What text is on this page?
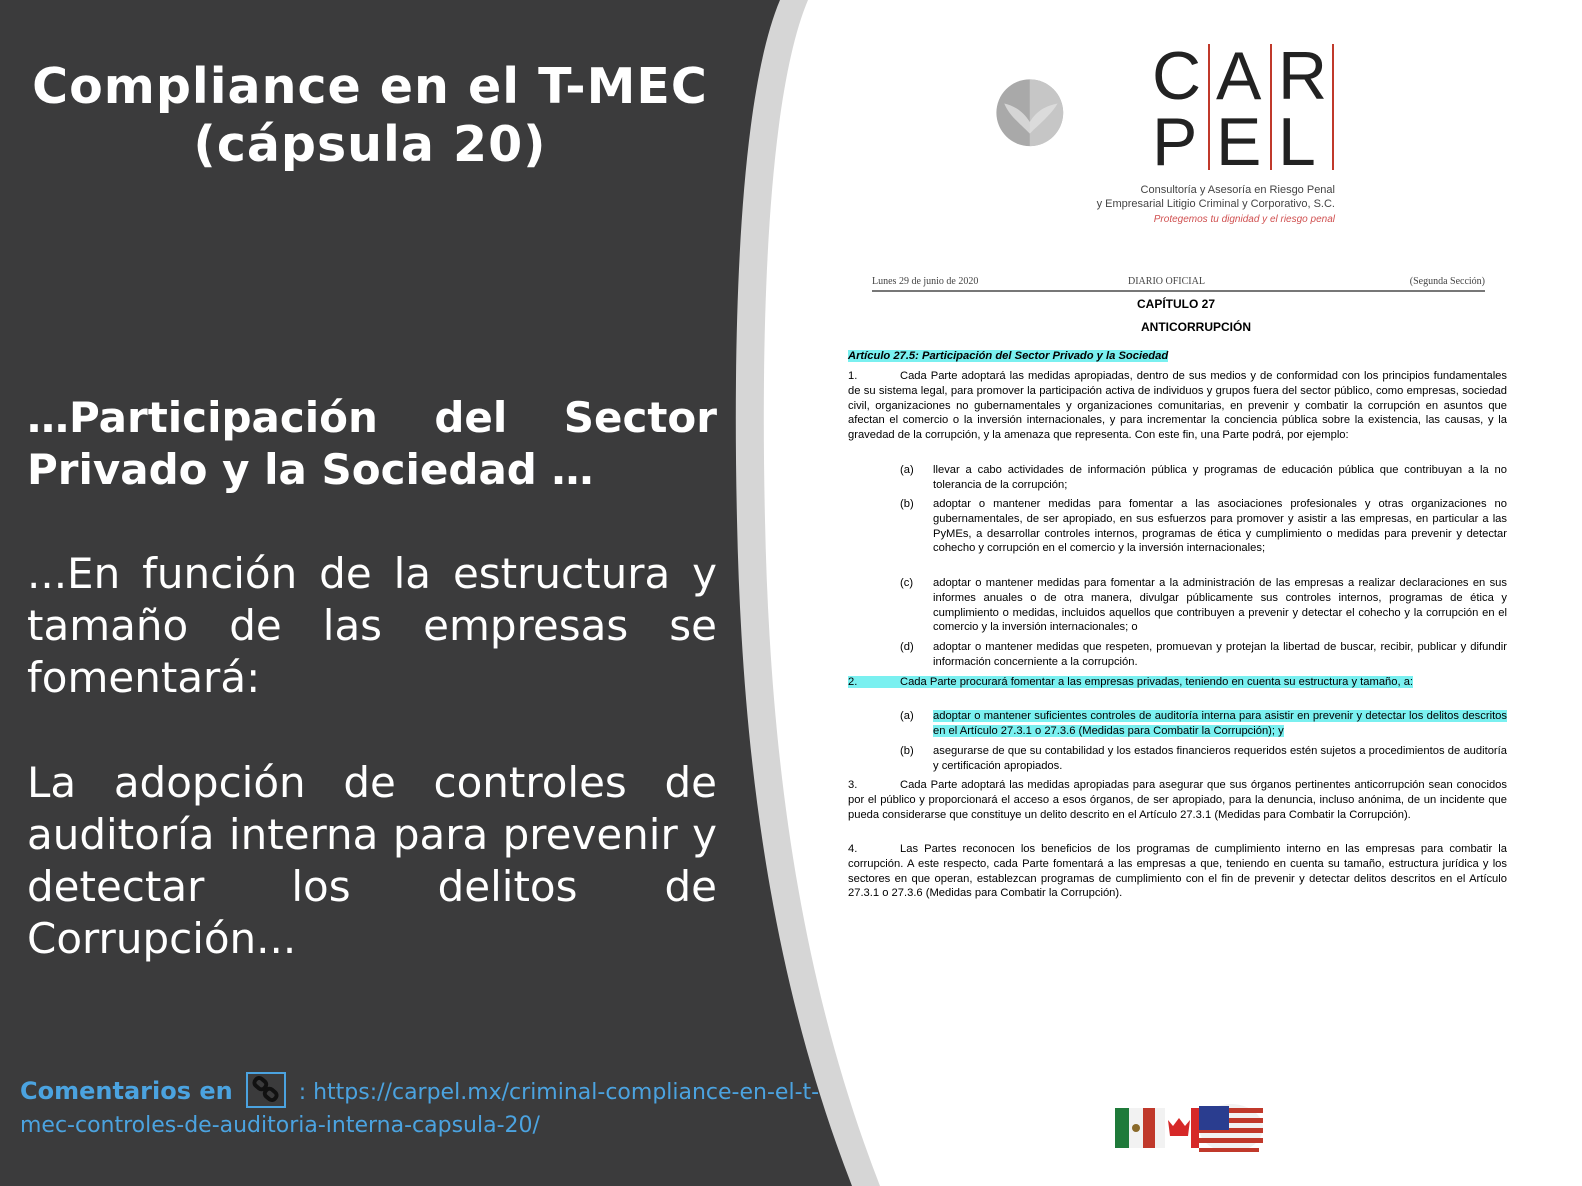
Compliance en el T-MEC
(cápsula 20)
…Participación del Sector Privado y la Sociedad …
...En función de la estructura y tamaño de las empresas se fomentará:
La adopción de controles de auditoría interna para prevenir y detectar los delitos de Corrupción...
Comentarios en	: https://carpel.mx/criminal-compliance-en-el-t-mec-controles-de-auditoria-interna-capsula-20/
C A R
P E L
Consultoría y Asesoría en Riesgo Penal
y Empresarial Litigio Criminal y Corporativo, S.C.
Protegemos tu dignidad y el riesgo penal
Lunes 29 de junio de 2020	DIARIO OFICIAL	(Segunda Sección)
CAPÍTULO 27
ANTICORRUPCIÓN
Artículo 27.5: Participación del Sector Privado y la Sociedad
1.	Cada Parte adoptará las medidas apropiadas, dentro de sus medios y de conformidad con los principios fundamentales de su sistema legal, para promover la participación activa de individuos y grupos fuera del sector público, como empresas, sociedad civil, organizaciones no gubernamentales y organizaciones comunitarias, en prevenir y combatir la corrupción en asuntos que afectan el comercio o la inversión internacionales, y para incrementar la conciencia pública sobre la existencia, las causas, y la gravedad de la corrupción, y la amenaza que representa. Con este fin, una Parte podrá, por ejemplo:
(a)	llevar a cabo actividades de información pública y programas de educación pública que contribuyan a la no tolerancia de la corrupción;
(b)	adoptar o mantener medidas para fomentar a las asociaciones profesionales y otras organizaciones no gubernamentales, de ser apropiado, en sus esfuerzos para promover y asistir a las empresas, en particular a las PyMEs, a desarrollar controles internos, programas de ética y cumplimiento o medidas para prevenir y detectar cohecho y corrupción en el comercio y la inversión internacionales;
(c)	adoptar o mantener medidas para fomentar a la administración de las empresas a realizar declaraciones en sus informes anuales o de otra manera, divulgar públicamente sus controles internos, programas de ética y cumplimiento o medidas, incluidos aquellos que contribuyen a prevenir y detectar el cohecho y la corrupción en el comercio y la inversión internacionales; o
(d)	adoptar o mantener medidas que respeten, promuevan y protejan la libertad de buscar, recibir, publicar y difundir información concerniente a la corrupción.
2.	Cada Parte procurará fomentar a las empresas privadas, teniendo en cuenta su estructura y tamaño, a:
(a)	adoptar o mantener suficientes controles de auditoría interna para asistir en prevenir y detectar los delitos descritos en el Artículo 27.3.1 o 27.3.6 (Medidas para Combatir la Corrupción); y
(b)	asegurarse de que su contabilidad y los estados financieros requeridos estén sujetos a procedimientos de auditoría y certificación apropiados.
3.	Cada Parte adoptará las medidas apropiadas para asegurar que sus órganos pertinentes anticorrupción sean conocidos por el público y proporcionará el acceso a esos órganos, de ser apropiado, para la denuncia, incluso anónima, de un incidente que pueda considerarse que constituye un delito descrito en el Artículo 27.3.1 (Medidas para Combatir la Corrupción).
4.	Las Partes reconocen los beneficios de los programas de cumplimiento interno en las empresas para combatir la corrupción. A este respecto, cada Parte fomentará a las empresas a que, teniendo en cuenta su tamaño, estructura jurídica y los sectores en que operan, establezcan programas de cumplimiento con el fin de prevenir y detectar delitos descritos en el Artículo 27.3.1 o 27.3.6 (Medidas para Combatir la Corrupción).
